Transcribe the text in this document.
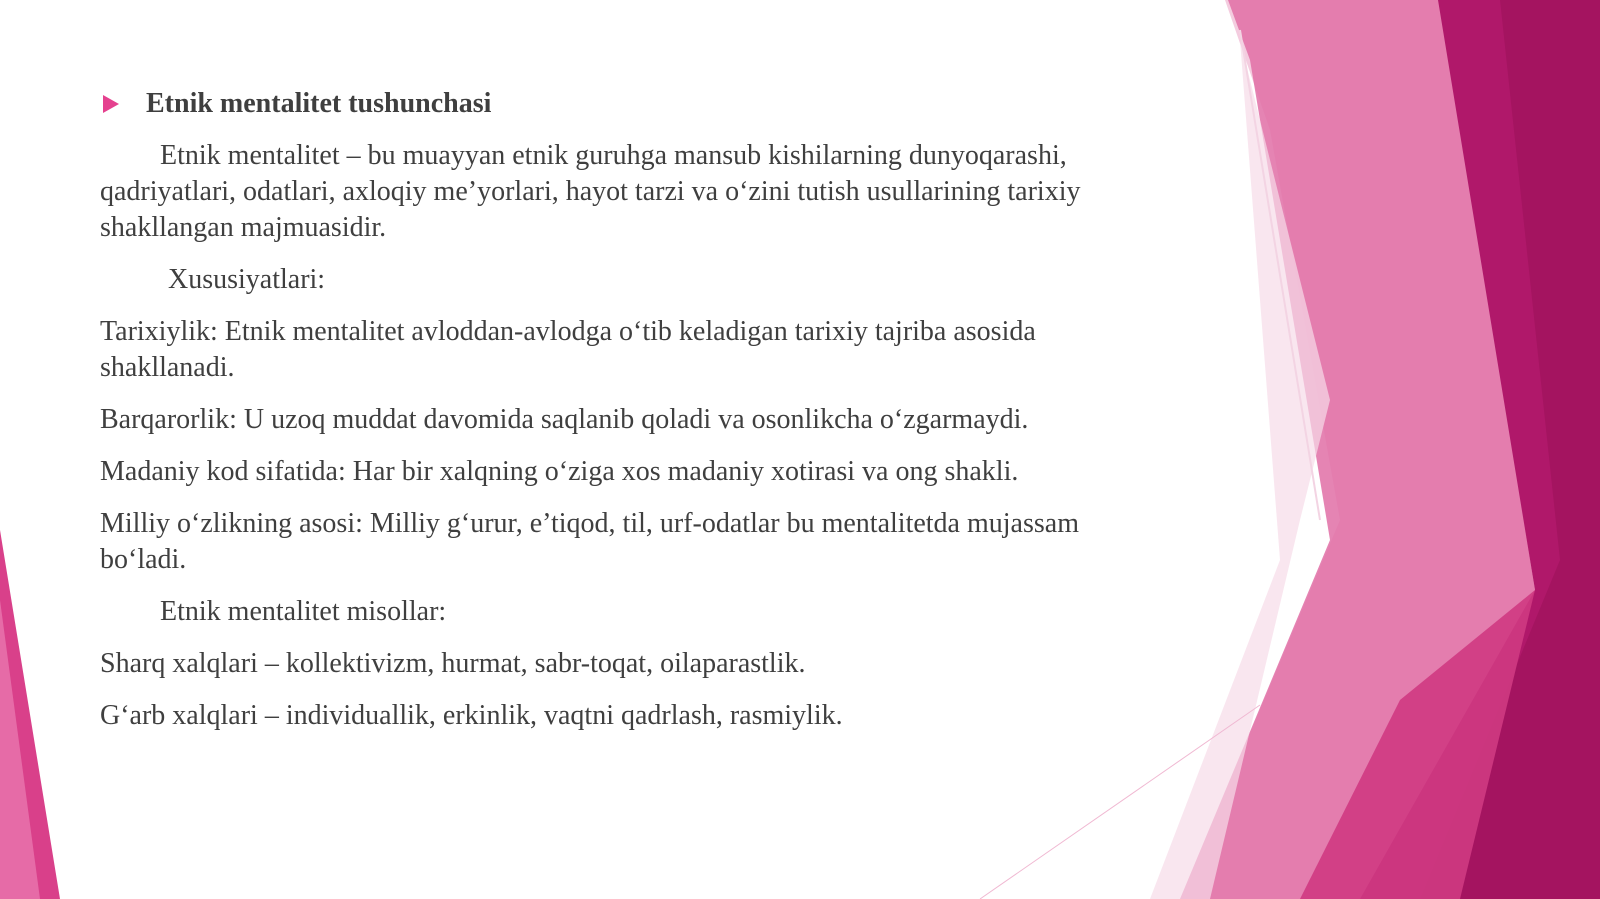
Etnik mentalitet tushunchasi

Etnik mentalitet – bu muayyan etnik guruhga mansub kishilarning dunyoqarashi, qadriyatlari, odatlari, axloqiy me’yorlari, hayot tarzi va o‘zini tutish usullarining tarixiy shakllangan majmuasidir.

Xususiyatlari:

Tarixiylik: Etnik mentalitet avloddan-avlodga o‘tib keladigan tarixiy tajriba asosida shakllanadi.

Barqarorlik: U uzoq muddat davomida saqlanib qoladi va osonlikcha o‘zgarmaydi.

Madaniy kod sifatida: Har bir xalqning o‘ziga xos madaniy xotirasi va ong shakli.

Milliy o‘zlikning asosi: Milliy g‘urur, e’tiqod, til, urf-odatlar bu mentalitetda mujassam bo‘ladi.

Etnik mentalitet misollar:

Sharq xalqlari – kollektivizm, hurmat, sabr-toqat, oilaparastlik.

G‘arb xalqlari – individuallik, erkinlik, vaqtni qadrlash, rasmiylik.
